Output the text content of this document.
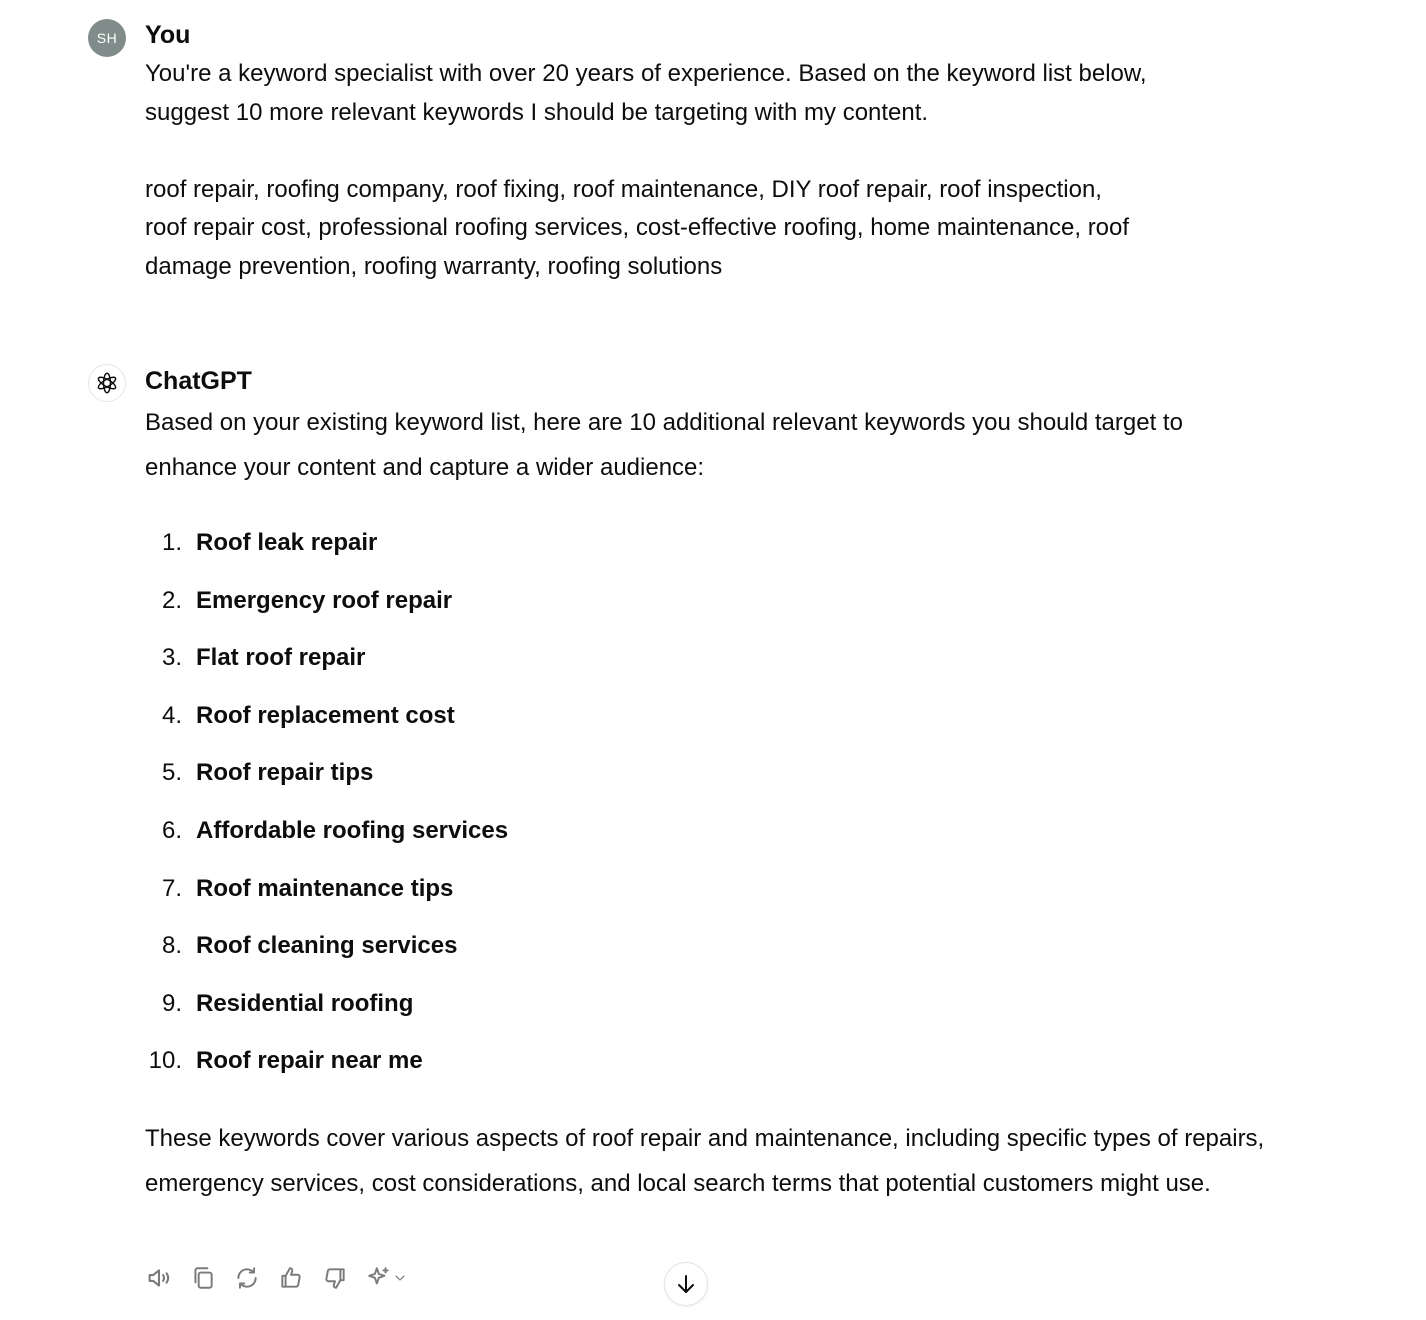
SH You

You're a keyword specialist with over 20 years of experience. Based on the keyword list below,

suggest 10 more relevant keywords I should be targeting with my content.

roof repair, roofing company, roof fixing, roof maintenance, DIY roof repair, roof inspection,

roof repair cost, professional roofing services, cost-effective roofing, home maintenance, roof

damage prevention, roofing warranty, roofing solutions

ChatGPT

Based on your existing keyword list, here are 10 additional relevant keywords you should target to enhance your content and capture a wider audience:

1. Roof leak repair
2. Emergency roof repair
3. Flat roof repair
4. Roof replacement cost
5. Roof repair tips
6. Affordable roofing services
7. Roof maintenance tips
8. Roof cleaning services
9. Residential roofing
10. Roof repair near me

These keywords cover various aspects of roof repair and maintenance, including specific types of repairs, emergency services, cost considerations, and local search terms that potential customers might use.
